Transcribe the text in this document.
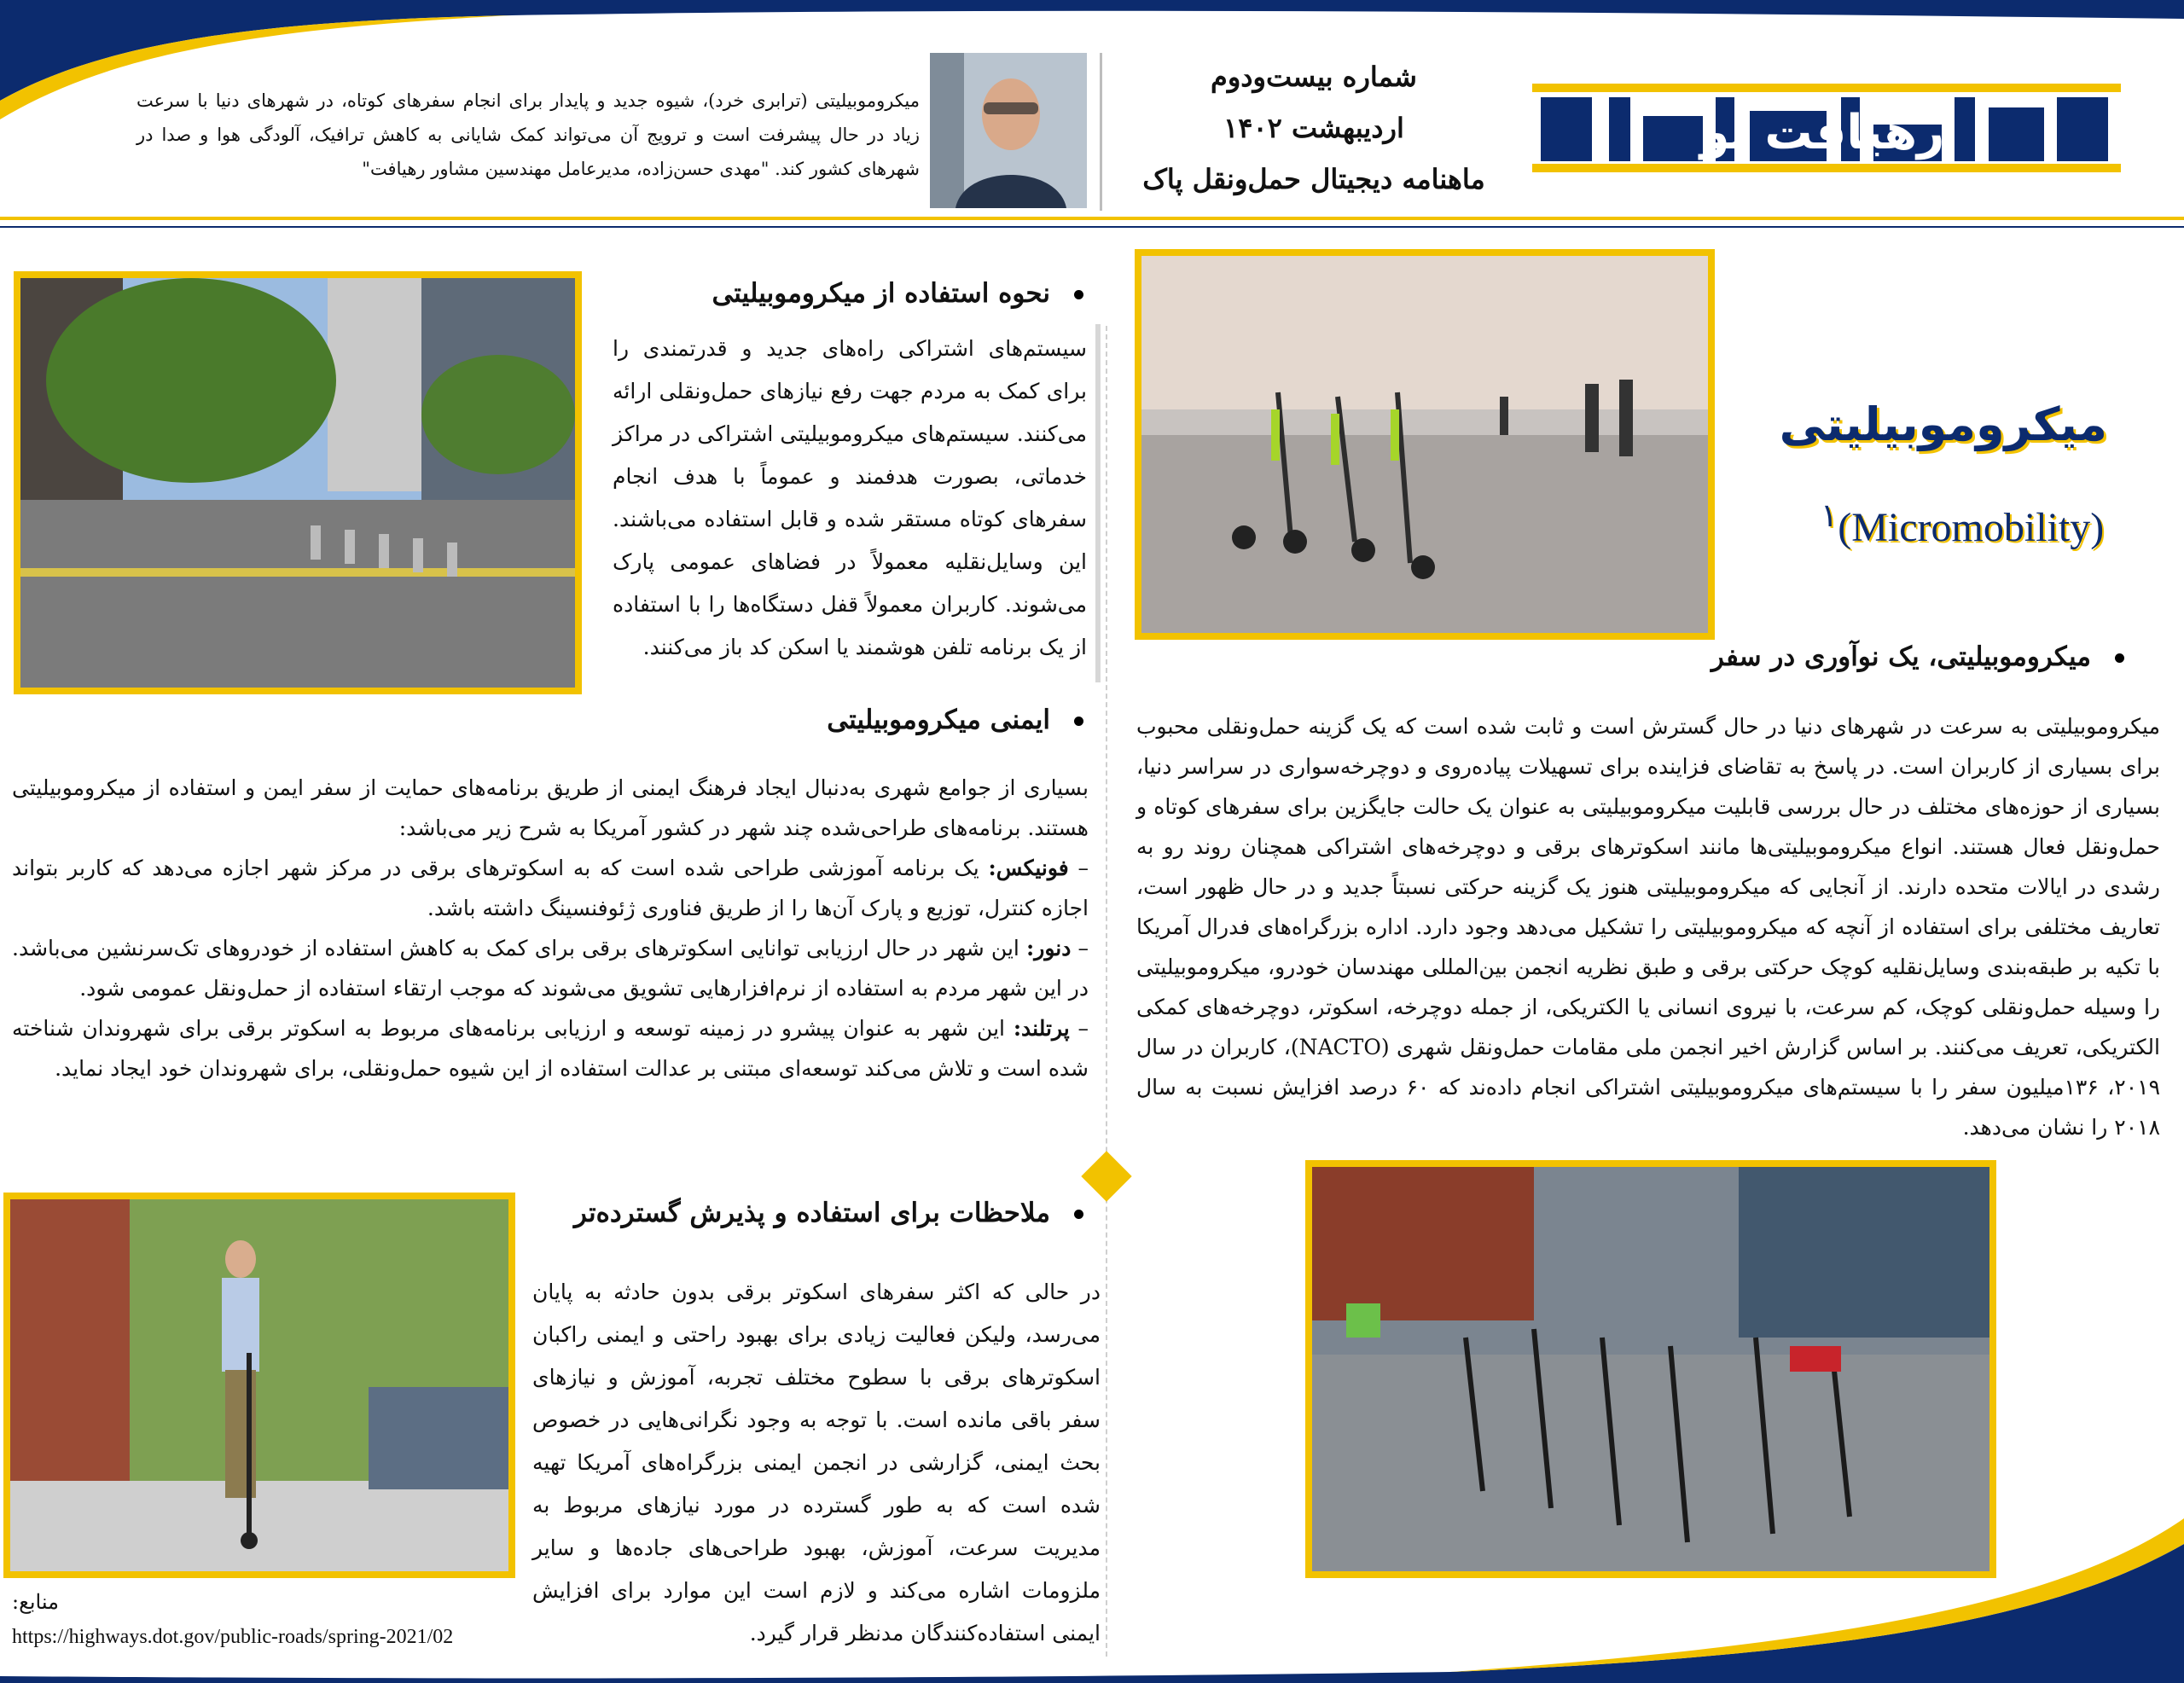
رهیافت نو
شماره بیست‌ودوم
اردیبهشت ۱۴۰۲
ماهنامه دیجیتال حمل‌ونقل پاک
میکروموبیلیتی (ترابری خرد)، شیوه جدید و پایدار برای انجام سفرهای کوتاه، در شهرهای دنیا با سرعت زیاد در حال پیشرفت است و ترویج آن می‌تواند کمک شایانی به کاهش ترافیک، آلودگی هوا و صدا در شهرهای کشور کند. "مهدی حسن‌زاده، مدیرعامل مهندسین مشاور رهیافت"
میکروموبیلیتی
$^۱$(Micromobility)
میکروموبیلیتی، یک نوآوری در سفر
میکروموبیلیتی به سرعت در شهرهای دنیا در حال گسترش است و ثابت شده است که یک گزینه حمل‌ونقلی محبوب برای بسیاری از کاربران است. در پاسخ به تقاضای فزاینده برای تسهیلات پیاده‌روی و دوچرخه‌سواری در سراسر دنیا، بسیاری از حوزه‌های مختلف در حال بررسی قابلیت میکروموبیلیتی به عنوان یک حالت جایگزین برای سفرهای کوتاه و حمل‌ونقل فعال هستند. انواع میکروموبیلیتی‌ها مانند اسکوترهای برقی و دوچرخه‌های اشتراکی همچنان روند رو به رشدی در ایالات متحده دارند. از آنجایی که میکروموبیلیتی هنوز یک گزینه حرکتی نسبتاً جدید و در حال ظهور است، تعاریف مختلفی برای استفاده از آنچه که میکروموبیلیتی را تشکیل می‌دهد وجود دارد. اداره بزرگراه‌های فدرال آمریکا با تکیه بر طبقه‌بندی وسایل‌نقلیه کوچک حرکتی برقی و طبق نظریه انجمن بین‌المللی مهندسان خودرو، میکروموبیلیتی را وسیله حمل‌ونقلی کوچک، کم سرعت، با نیروی انسانی یا الکتریکی، از جمله دوچرخه، اسکوتر، دوچرخه‌های کمکی الکتریکی، تعریف می‌کنند. بر اساس گزارش اخیر انجمن ملی مقامات حمل‌ونقل شهری (NACTO)، کاربران در سال ۲۰۱۹، ۱۳۶میلیون سفر را با سیستم‌های میکروموبیلیتی اشتراکی انجام داده‌ند که ۶۰ درصد افزایش نسبت به سال ۲۰۱۸ را نشان می‌دهد.
نحوه استفاده از میکروموبیلیتی
سیستم‌های اشتراکی راه‌های جدید و قدرتمندی را برای کمک به مردم جهت رفع نیازهای حمل‌ونقلی ارائه می‌کنند. سیستم‌های میکروموبیلیتی اشتراکی در مراکز خدماتی، بصورت هدفمند و عموماً با هدف انجام سفرهای کوتاه مستقر شده و قابل استفاده می‌باشند. این وسایل‌نقلیه معمولاً در فضاهای عمومی پارک می‌شوند. کاربران معمولاً قفل دستگاه‌ها را با استفاده از یک برنامه تلفن هوشمند یا اسکن کد باز می‌کنند.
ایمنی میکروموبیلیتی

بسیاری از جوامع شهری به‌دنبال ایجاد فرهنگ ایمنی از طریق برنامه‌های حمایت از سفر ایمن و استفاده از میکروموبیلیتی هستند. برنامه‌های طراحی‌شده چند شهر در کشور آمریکا به شرح زیر می‌باشد:

– فونیکس: یک برنامه آموزشی طراحی شده است که به اسکوترهای برقی در مرکز شهر اجازه می‌دهد که کاربر بتواند اجازه کنترل، توزیع و پارک آن‌ها را از طریق فناوری ژئوفنسینگ داشته باشد.

– دنور: این شهر در حال ارزیابی توانایی اسکوترهای برقی برای کمک به کاهش استفاده از خودروهای تک‌سرنشین می‌باشد. در این شهر مردم به استفاده از نرم‌افزارهایی تشویق می‌شوند که موجب ارتقاء استفاده از حمل‌ونقل عمومی شود.

– پرتلند: این شهر به عنوان پیشرو در زمینه توسعه و ارزیابی برنامه‌های مربوط به اسکوتر برقی برای شهروندان شناخته شده است و تلاش می‌کند توسعه‌ای مبتنی بر عدالت استفاده از این شیوه حمل‌ونقلی، برای شهروندان خود ایجاد نماید.

ملاحظات برای استفاده و پذیرش گسترده‌تر
در حالی که اکثر سفرهای اسکوتر برقی بدون حادثه به پایان می‌رسد، ولیکن فعالیت زیادی برای بهبود راحتی و ایمنی راکبان اسکوترهای برقی با سطوح مختلف تجربه، آموزش و نیازهای سفر باقی مانده است. با توجه به وجود نگرانی‌هایی در خصوص بحث ایمنی، گزارشی در انجمن ایمنی بزرگراه‌های آمریکا تهیه شده است که به طور گسترده در مورد نیازهای مربوط به مدیریت سرعت، آموزش، بهبود طراحی‌های جاده‌ها و سایر ملزومات اشاره می‌کند و لازم است این موارد برای افزایش ایمنی استفاده‌کنندگان مدنظر قرار گیرد.
منابع:
https://highways.dot.gov/public-roads/spring-2021/02
